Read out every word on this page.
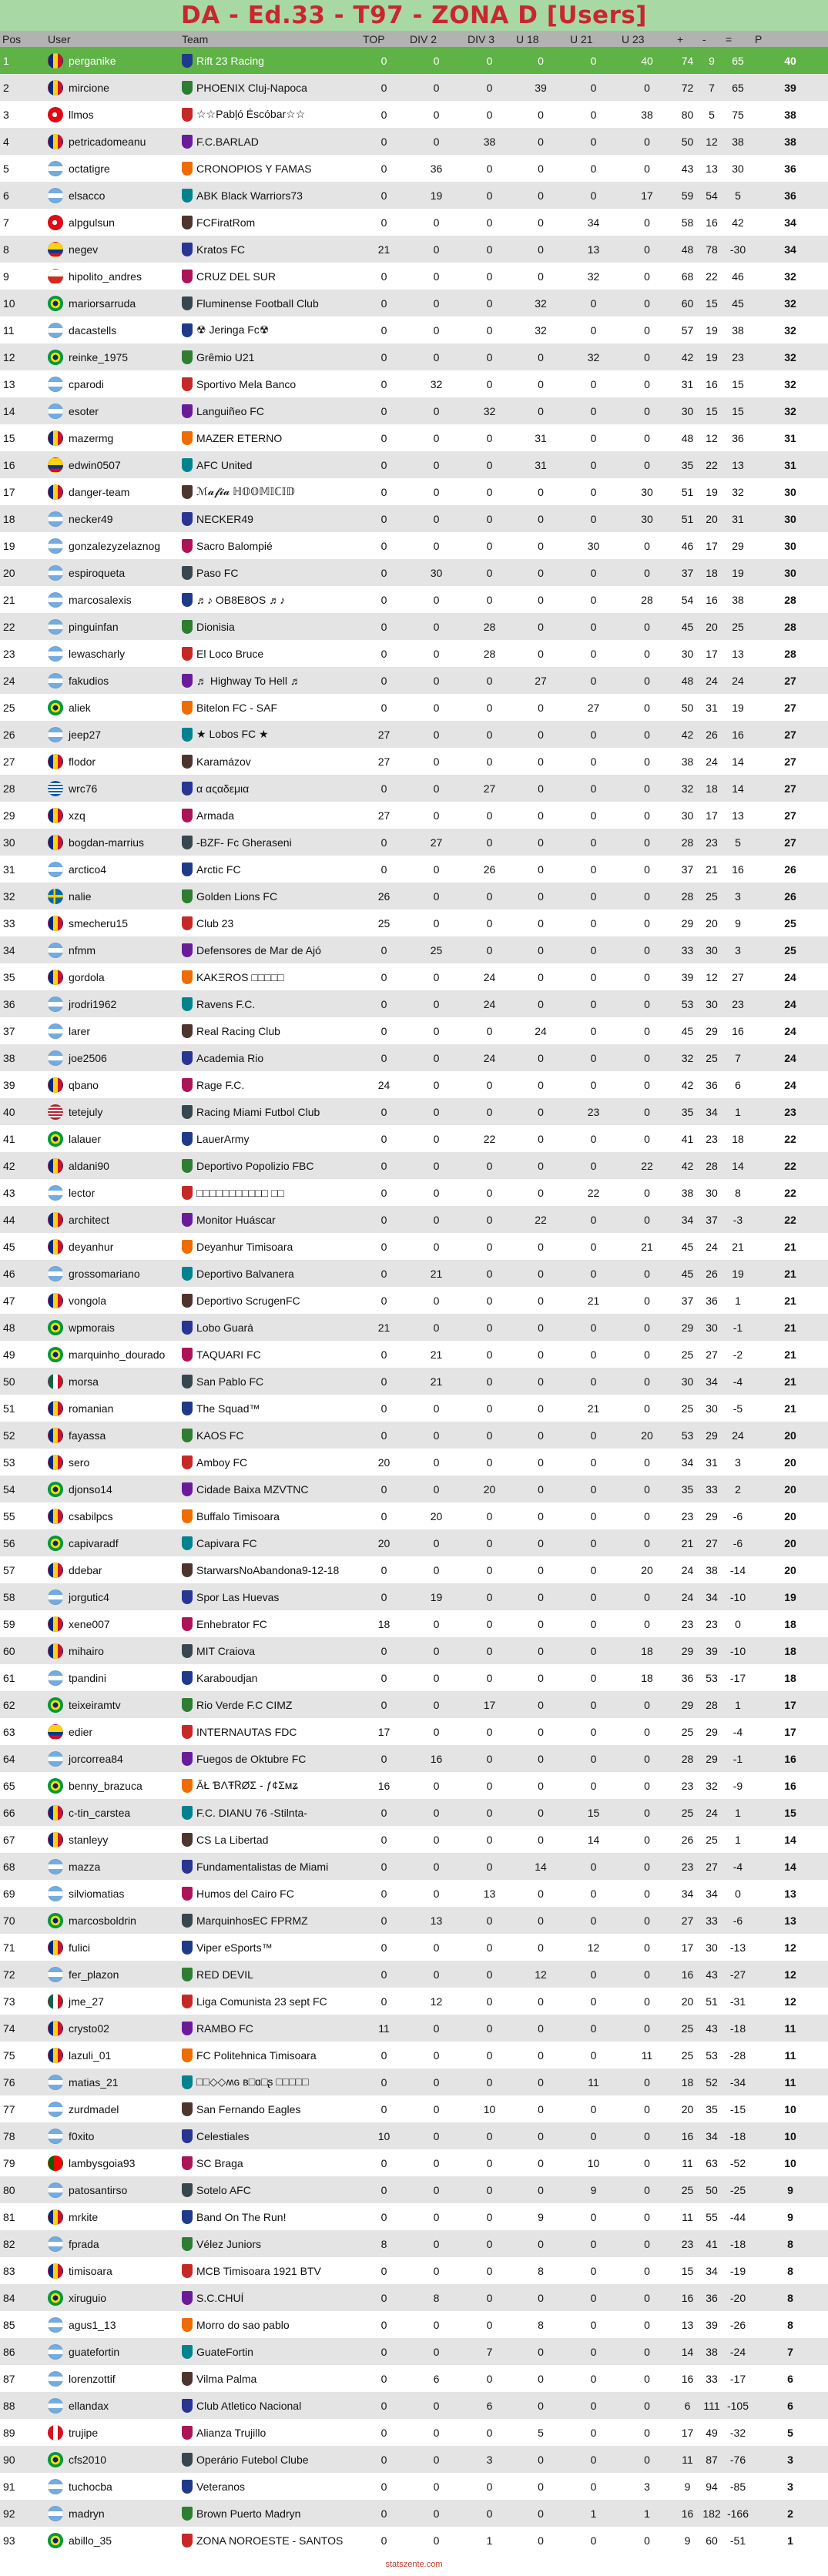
DA - Ed.33 - T97 - ZONA D [Users]
Pos	User	Team	TOP	DIV 2	DIV 3	U 18	U 21	U 23	+	-	=	P
1	perganike	Rift 23 Racing	0	0	0	0	0	40	74	9	65	40
2	mircione	PHOENIX Cluj-Napoca	0	0	0	39	0	0	72	7	65	39
3	llmos	☆☆Pabļó Éscóbar☆☆	0	0	0	0	0	38	80	5	75	38
4	petricadomeanu	F.C.BARLAD	0	0	38	0	0	0	50	12	38	38
5	octatigre	CRONOPIOS Y FAMAS	0	36	0	0	0	0	43	13	30	36
6	elsacco	ABK Black Warriors73	0	19	0	0	0	17	59	54	5	36
7	alpgulsun	FCFiratRom	0	0	0	0	34	0	58	16	42	34
8	negev	Kratos FC	21	0	0	0	13	0	48	78	-30	34
9	hipolito_andres	CRUZ DEL SUR	0	0	0	0	32	0	68	22	46	32
10	mariorsarruda	Fluminense Football Club	0	0	0	32	0	0	60	15	45	32
11	dacastells	☢︎ Jeringa Fc☢︎	0	0	0	32	0	0	57	19	38	32
12	reinke_1975	Grêmio U21	0	0	0	0	32	0	42	19	23	32
13	cparodi	Sportivo Mela Banco	0	32	0	0	0	0	31	16	15	32
14	esoter	Languiñeo FC	0	0	32	0	0	0	30	15	15	32
15	mazermg	MAZER ETERNO	0	0	0	31	0	0	48	12	36	31
16	edwin0507	AFC United	0	0	0	31	0	0	35	22	13	31
17	danger-team	ℳ𝓪𝓯𝓲𝓪 ℍ𝕆𝕆𝕄𝕀ℂ𝕀𝔻	0	0	0	0	0	30	51	19	32	30
18	necker49	NECKER49	0	0	0	0	0	30	51	20	31	30
19	gonzalezyzelaznog	Sacro Balompié	0	0	0	0	30	0	46	17	29	30
20	espiroqueta	Paso FC	0	30	0	0	0	0	37	18	19	30
21	marcosalexis	♬♪ OB8E8OS ♬♪	0	0	0	0	0	28	54	16	38	28
22	pinguinfan	Dionisia	0	0	28	0	0	0	45	20	25	28
23	lewascharly	El Loco Bruce	0	0	28	0	0	0	30	17	13	28
24	fakudios	♬ Highway To Hell ♬	0	0	0	27	0	0	48	24	24	27
25	aliek	Bitelon FC - SAF	0	0	0	0	27	0	50	31	19	27
26	jeep27	★ Lobos FC ★	27	0	0	0	0	0	42	26	16	27
27	flodor	Karamázov	27	0	0	0	0	0	38	24	14	27
28	wrc76	α αςαδεμια	0	0	27	0	0	0	32	18	14	27
29	xzq	Armada	27	0	0	0	0	0	30	17	13	27
30	bogdan-marrius	-BZF- Fc Gheraseni	0	27	0	0	0	0	28	23	5	27
31	arctico4	Arctic FC	0	0	26	0	0	0	37	21	16	26
32	nalie	Golden Lions FC	26	0	0	0	0	0	28	25	3	26
33	smecheru15	Club 23	25	0	0	0	0	0	29	20	9	25
34	nfmm	Defensores de Mar de Ajó	0	25	0	0	0	0	33	30	3	25
35	gordola	KAKΞROS □□□□□	0	0	24	0	0	0	39	12	27	24
36	jrodri1962	Ravens F.C.	0	0	24	0	0	0	53	30	23	24
37	larer	Real Racing Club	0	0	0	24	0	0	45	29	16	24
38	joe2506	Academia Rio	0	0	24	0	0	0	32	25	7	24
39	qbano	Rage F.C.	24	0	0	0	0	0	42	36	6	24
40	tetejuly	Racing Miami Futbol Club	0	0	0	0	23	0	35	34	1	23
41	lalauer	LauerArmy	0	0	22	0	0	0	41	23	18	22
42	aldani90	Deportivo Popolizio FBC	0	0	0	0	0	22	42	28	14	22
43	lector	□□□□□□□□□□□ □□	0	0	0	0	22	0	38	30	8	22
44	architect	Monitor Huáscar	0	0	0	22	0	0	34	37	-3	22
45	deyanhur	Deyanhur Timisoara	0	0	0	0	0	21	45	24	21	21
46	grossomariano	Deportivo Balvanera	0	21	0	0	0	0	45	26	19	21
47	vongola	Deportivo ScrugenFC	0	0	0	0	21	0	37	36	1	21
48	wpmorais	Lobo Guará	21	0	0	0	0	0	29	30	-1	21
49	marquinho_dourado	TAQUARI FC	0	21	0	0	0	0	25	27	-2	21
50	morsa	San Pablo FC	0	21	0	0	0	0	30	34	-4	21
51	romanian	The Squad™	0	0	0	0	21	0	25	30	-5	21
52	fayassa	KAOS FC	0	0	0	0	0	20	53	29	24	20
53	sero	Amboy FC	20	0	0	0	0	0	34	31	3	20
54	djonso14	Cidade Baixa MZVTNC	0	0	20	0	0	0	35	33	2	20
55	csabilpcs	Buffalo Timisoara	0	20	0	0	0	0	23	29	-6	20
56	capivaradf	Capivara FC	20	0	0	0	0	0	21	27	-6	20
57	ddebar	StarwarsNoAbandona9-12-18	0	0	0	0	0	20	24	38	-14	20
58	jorgutic4	Spor Las Huevas	0	19	0	0	0	0	24	34	-10	19
59	xene007	Enhebrator FC	18	0	0	0	0	0	23	23	0	18
60	mihairo	MIT Craiova	0	0	0	0	0	18	29	39	-10	18
61	tpandini	Karaboudjan	0	0	0	0	0	18	36	53	-17	18
62	teixeiramtv	Rio Verde F.C CIMZ	0	0	17	0	0	0	29	28	1	17
63	edier	INTERNAUTAS FDC	17	0	0	0	0	0	25	29	-4	17
64	jorcorrea84	Fuegos de Oktubre FC	0	16	0	0	0	0	28	29	-1	16
65	benny_brazuca	ĂŁ ƁΛŦᏒØƩ - ƒ¢Ʃᴍʑ	16	0	0	0	0	0	23	32	-9	16
66	c-tin_carstea	F.C. DIANU 76 -Stilnta-	0	0	0	0	15	0	25	24	1	15
67	stanleyy	CS La Libertad	0	0	0	0	14	0	26	25	1	14
68	mazza	Fundamentalistas de Miami	0	0	0	14	0	0	23	27	-4	14
69	silviomatias	Humos del Cairo FC	0	0	13	0	0	0	34	34	0	13
70	marcosboldrin	MarquinhosEC FPRMZ	0	13	0	0	0	0	27	33	-6	13
71	fulici	Viper eSports™	0	0	0	0	12	0	17	30	-13	12
72	fer_plazon	RED DEVIL	0	0	0	12	0	0	16	43	-27	12
73	jme_27	Liga Comunista 23 sept FC	0	12	0	0	0	0	20	51	-31	12
74	crysto02	RAMBO FC	11	0	0	0	0	0	25	43	-18	11
75	lazuli_01	FC Politehnica Timisoara	0	0	0	0	0	11	25	53	-28	11
76	matias_21	□□◇◇ʍɢ ʙ□ɑ□ʂ □□□□□	0	0	0	0	11	0	18	52	-34	11
77	zurdmadel	San Fernando Eagles	0	0	10	0	0	0	20	35	-15	10
78	f0xito	Celestiales	10	0	0	0	0	0	16	34	-18	10
79	lambysgoia93	SC Braga	0	0	0	0	10	0	11	63	-52	10
80	patosantirso	Sotelo AFC	0	0	0	0	9	0	25	50	-25	9
81	mrkite	Band On The Run!	0	0	0	9	0	0	11	55	-44	9
82	fprada	Vélez Juniors	8	0	0	0	0	0	23	41	-18	8
83	timisoara	MCB Timisoara 1921 BTV	0	0	0	8	0	0	15	34	-19	8
84	xiruguio	S.C.CHUÍ	0	8	0	0	0	0	16	36	-20	8
85	agus1_13	Morro do sao pablo	0	0	0	8	0	0	13	39	-26	8
86	guatefortin	GuateFortin	0	0	7	0	0	0	14	38	-24	7
87	lorenzottif	Vilma Palma	0	6	0	0	0	0	16	33	-17	6
88	ellandax	Club Atletico Nacional	0	0	6	0	0	0	6	111	-105	6
89	trujipe	Alianza Trujillo	0	0	0	5	0	0	17	49	-32	5
90	cfs2010	Operário Futebol Clube	0	0	3	0	0	0	11	87	-76	3
91	tuchocba	Veteranos	0	0	0	0	0	3	9	94	-85	3
92	madryn	Brown Puerto Madryn	0	0	0	0	1	1	16	182	-166	2
93	abillo_35	ZONA NOROESTE - SANTOS	0	0	1	0	0	0	9	60	-51	1
statszente.com
